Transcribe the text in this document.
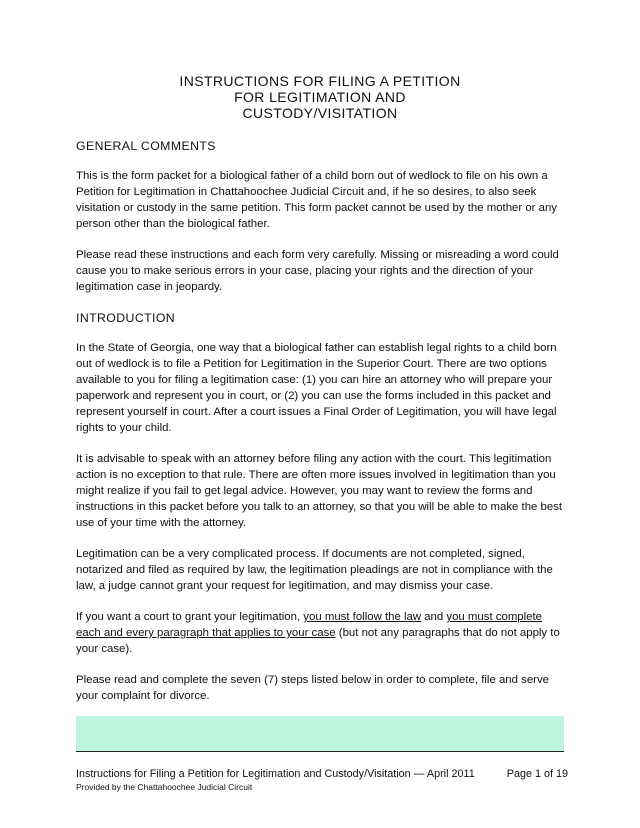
INSTRUCTIONS FOR FILING A PETITION
FOR LEGITIMATION AND
CUSTODY/VISITATION
GENERAL COMMENTS

This is the form packet for a biological father of a child born out of wedlock to file on his own a Petition for Legitimation in Chattahoochee Judicial Circuit and, if he so desires, to also seek visitation or custody in the same petition. This form packet cannot be used by the mother or any person other than the biological father.

Please read these instructions and each form very carefully. Missing or misreading a word could cause you to make serious errors in your case, placing your rights and the direction of your legitimation case in jeopardy.

INTRODUCTION

In the State of Georgia, one way that a biological father can establish legal rights to a child born out of wedlock is to file a Petition for Legitimation in the Superior Court. There are two options available to you for filing a legitimation case: (1) you can hire an attorney who will prepare your paperwork and represent you in court, or (2) you can use the forms included in this packet and represent yourself in court. After a court issues a Final Order of Legitimation, you will have legal rights to your child.

It is advisable to speak with an attorney before filing any action with the court. This legitimation action is no exception to that rule. There are often more issues involved in legitimation than you might realize if you fail to get legal advice. However, you may want to review the forms and instructions in this packet before you talk to an attorney, so that you will be able to make the best use of your time with the attorney.

Legitimation can be a very complicated process. If documents are not completed, signed, notarized and filed as required by law, the legitimation pleadings are not in compliance with the law, a judge cannot grant your request for legitimation, and may dismiss your case.

If you want a court to grant your legitimation, you must follow the law and you must complete each and every paragraph that applies to your case (but not any paragraphs that do not apply to your case).

Please read and complete the seven (7) steps listed below in order to complete, file and serve your complaint for divorce.

Instructions for Filing a Petition for Legitimation and Custody/Visitation — April 2011	Page 1 of 19
Provided by the Chattahoochee Judicial Circuit
